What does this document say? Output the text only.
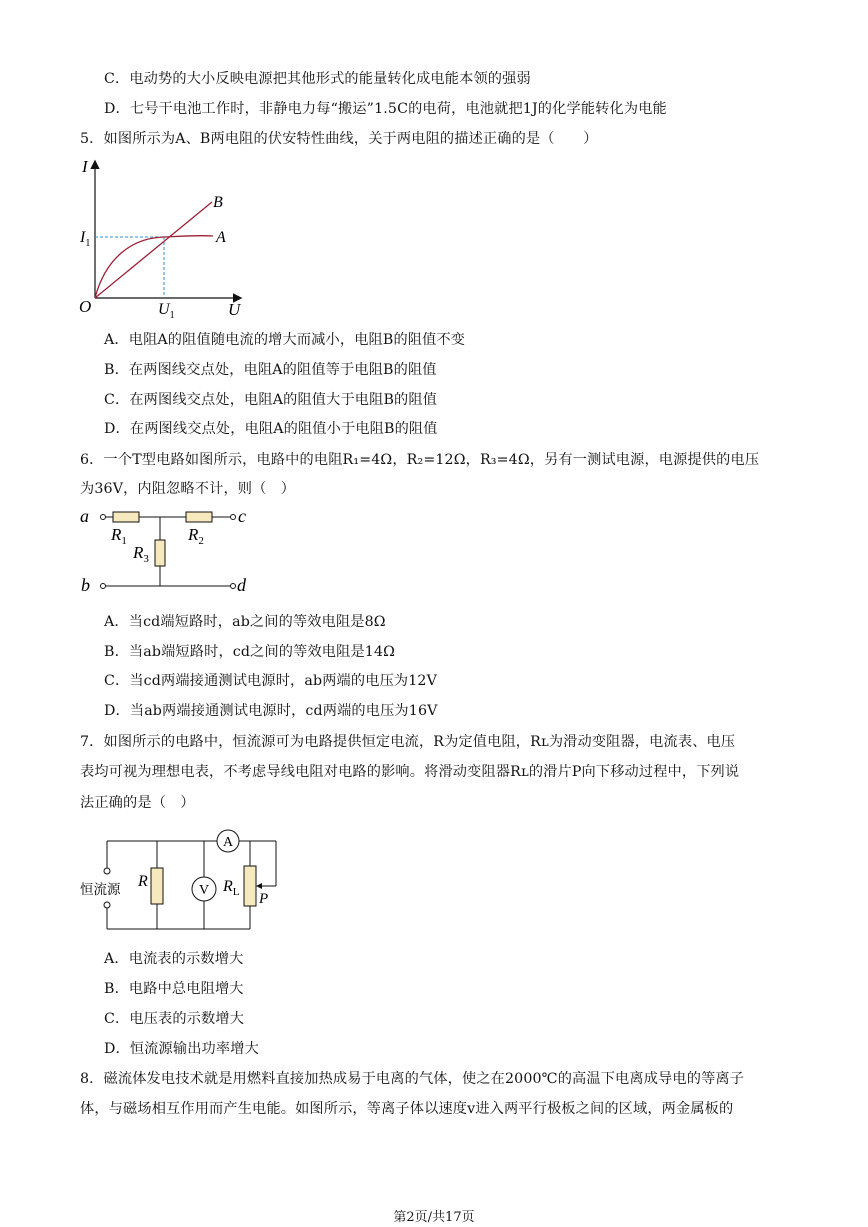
C．电动势的大小反映电源把其他形式的能量转化成电能本领的强弱
D．七号干电池工作时，非静电力每“搬运”1.5C的电荷，电池就把1J的化学能转化为电能
5．如图所示为A、B两电阻的伏安特性曲线，关于两电阻的描述正确的是（　　）
I
U
O
$I_1$
$U_1$
A
B
A．电阻A的阻值随电流的增大而减小，电阻B的阻值不变
B．在两图线交点处，电阻A的阻值等于电阻B的阻值
C．在两图线交点处，电阻A的阻值大于电阻B的阻值
D．在两图线交点处，电阻A的阻值小于电阻B的阻值
6．一个T型电路如图所示，电路中的电阻R₁=4Ω，R₂=12Ω，R₃=4Ω，另有一测试电源，电源提供的电压
为36V，内阻忽略不计，则（　）
a
b
c
d
$R_1$	$R_2$
$R_3$
A．当cd端短路时，ab之间的等效电阻是8Ω
B．当ab端短路时，cd之间的等效电阻是14Ω
C．当cd两端接通测试电源时，ab两端的电压为12V
D．当ab两端接通测试电源时，cd两端的电压为16V
7．如图所示的电路中，恒流源可为电路提供恒定电流，R为定值电阻，Rʟ为滑动变阻器，电流表、电压
表均可视为理想电表，不考虑导线电阻对电路的影响。将滑动变阻器Rʟ的滑片P向下移动过程中，下列说
法正确的是（　）
A
恒流源 R
V $R_L$ P
A．电流表的示数增大
B．电路中总电阻增大
C．电压表的示数增大
D．恒流源输出功率增大
8．磁流体发电技术就是用燃料直接加热成易于电离的气体，使之在2000℃的高温下电离成导电的等离子
体，与磁场相互作用而产生电能。如图所示，等离子体以速度v进入两平行极板之间的区域，两金属板的
第2页/共17页
